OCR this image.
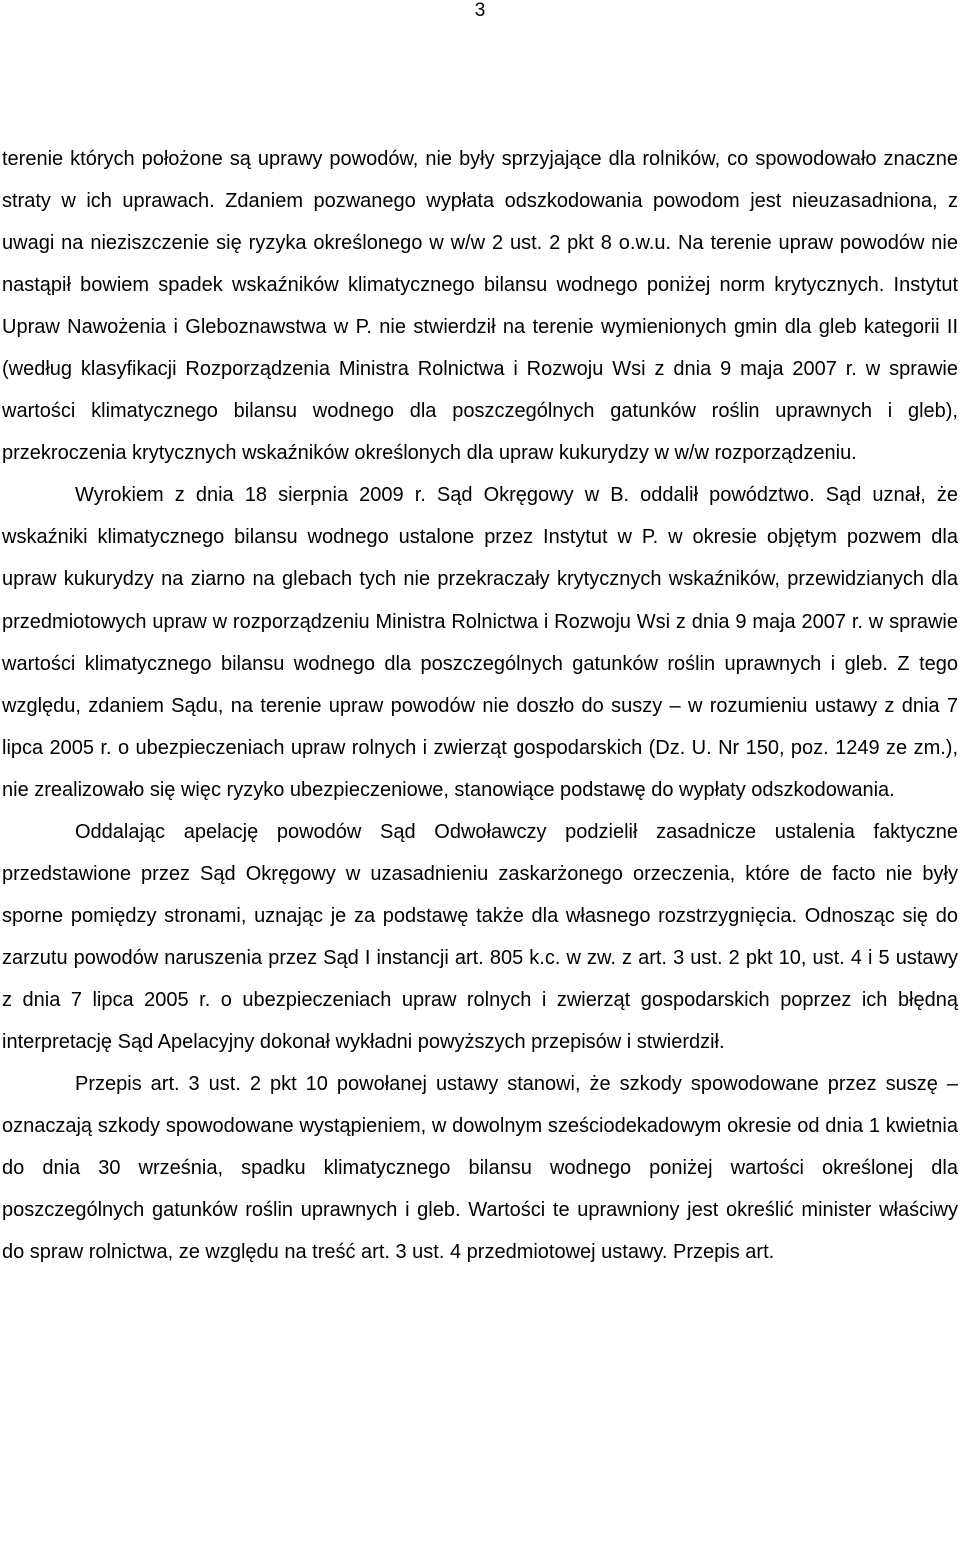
3

terenie których położone są uprawy powodów, nie były sprzyjające dla rolników, co spowodowało znaczne straty w ich uprawach. Zdaniem pozwanego wypłata odszkodowania powodom jest nieuzasadniona, z uwagi na nieziszczenie się ryzyka określonego w w/w 2 ust. 2 pkt 8 o.w.u. Na terenie upraw powodów nie nastąpił bowiem spadek wskaźników klimatycznego bilansu wodnego poniżej norm krytycznych. Instytut Upraw Nawożenia i Gleboznawstwa w P. nie stwierdził na terenie wymienionych gmin dla gleb kategorii II (według klasyfikacji Rozporządzenia Ministra Rolnictwa i Rozwoju Wsi z dnia 9 maja 2007 r. w sprawie wartości klimatycznego bilansu wodnego dla poszczególnych gatunków roślin uprawnych i gleb), przekroczenia krytycznych wskaźników określonych dla upraw kukurydzy w w/w rozporządzeniu.

Wyrokiem z dnia 18 sierpnia 2009 r. Sąd Okręgowy w B. oddalił powództwo. Sąd uznał, że wskaźniki klimatycznego bilansu wodnego ustalone przez Instytut w P. w okresie objętym pozwem dla upraw kukurydzy na ziarno na glebach tych nie przekraczały krytycznych wskaźników, przewidzianych dla przedmiotowych upraw w rozporządzeniu Ministra Rolnictwa i Rozwoju Wsi z dnia 9 maja 2007 r. w sprawie wartości klimatycznego bilansu wodnego dla poszczególnych gatunków roślin uprawnych i gleb. Z tego względu, zdaniem Sądu, na terenie upraw powodów nie doszło do suszy – w rozumieniu ustawy z dnia 7 lipca 2005 r. o ubezpieczeniach upraw rolnych i zwierząt gospodarskich (Dz. U. Nr 150, poz. 1249 ze zm.), nie zrealizowało się więc ryzyko ubezpieczeniowe, stanowiące podstawę do wypłaty odszkodowania.

Oddalając apelację powodów Sąd Odwoławczy podzielił zasadnicze ustalenia faktyczne przedstawione przez Sąd Okręgowy w uzasadnieniu zaskarżonego orzeczenia, które de facto nie były sporne pomiędzy stronami, uznając je za podstawę także dla własnego rozstrzygnięcia. Odnosząc się do zarzutu powodów naruszenia przez Sąd I instancji art. 805 k.c. w zw. z art. 3 ust. 2 pkt 10, ust. 4 i 5 ustawy z dnia 7 lipca 2005 r. o ubezpieczeniach upraw rolnych i zwierząt gospodarskich poprzez ich błędną interpretację Sąd Apelacyjny dokonał wykładni powyższych przepisów i stwierdził.

Przepis art. 3 ust. 2 pkt 10 powołanej ustawy stanowi, że szkody spowodowane przez suszę – oznaczają szkody spowodowane wystąpieniem, w dowolnym sześciodekadowym okresie od dnia 1 kwietnia do dnia 30 września, spadku klimatycznego bilansu wodnego poniżej wartości określonej dla poszczególnych gatunków roślin uprawnych i gleb. Wartości te uprawniony jest określić minister właściwy do spraw rolnictwa, ze względu na treść art. 3 ust. 4 przedmiotowej ustawy. Przepis art.
